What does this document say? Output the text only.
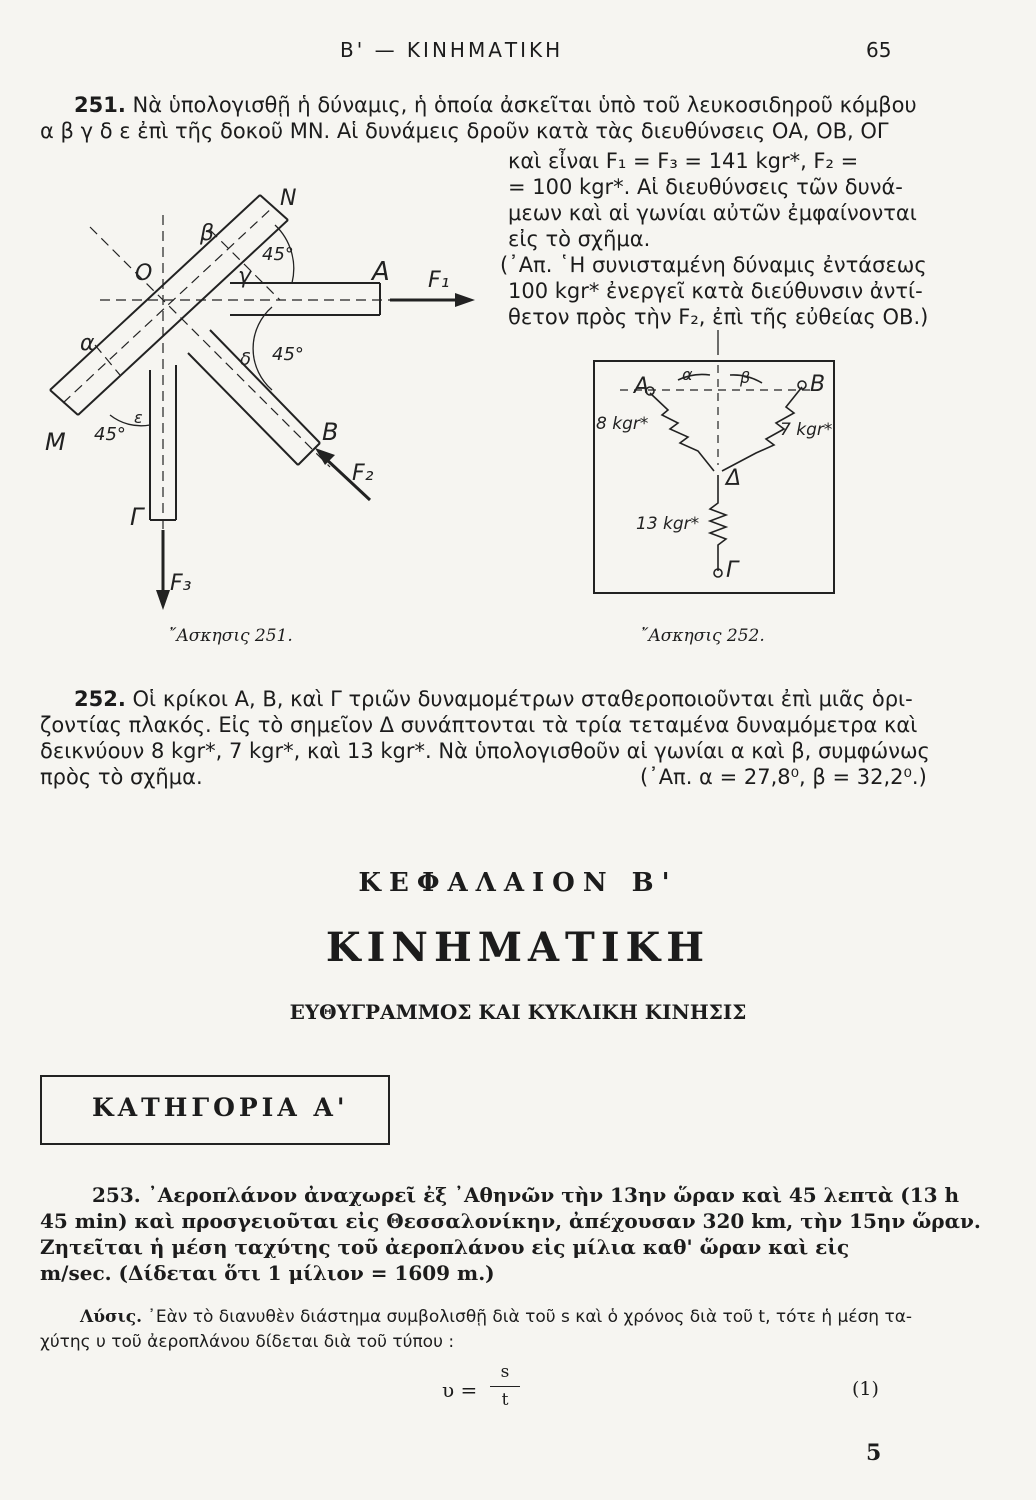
Β' — ΚΙΝΗΜΑΤΙΚΗ	65
251. Νὰ ὑπολογισθῇ ἡ δύναμις, ἡ ὁποία ἀσκεῖται ὑπὸ τοῦ λευκοσιδηροῦ κόμβου
α β γ δ ε ἐπὶ τῆς δοκοῦ ΜΝ. Αἱ δυνάμεις δροῦν κατὰ τὰς διευθύνσεις ΟΑ, ΟΒ, ΟΓ
καὶ εἶναι F₁ = F₃ = 141 kgr*, F₂ =
= 100 kgr*. Αἱ διευθύνσεις τῶν δυνά-
μεων καὶ αἱ γωνίαι αὐτῶν ἐμφαίνονται
εἰς τὸ σχῆμα.
(᾿Απ. ῾Η συνισταμένη δύναμις ἐντάσεως
100 kgr* ἐνεργεῖ κατὰ διεύθυνσιν ἀντί-
θετον πρὸς τὴν F₂, ἐπὶ τῆς εὐθείας ΟΒ.)
N
β
O
45°
γ	A F₁
α
δ 45°
M 45°
ε
B
F₂
Γ
F₃
῎Ασκησις 251.
A α	β	B
8 kgr*	7 kgr*
Δ
13 kgr*
Γ
῎Ασκησις 252.
252. Οἱ κρίκοι Α, Β, καὶ Γ τριῶν δυναμομέτρων σταθεροποιοῦνται ἐπὶ μιᾶς ὁρι-
ζοντίας πλακός. Εἰς τὸ σημεῖον Δ συνάπτονται τὰ τρία τεταμένα δυναμόμετρα καὶ
δεικνύουν 8 kgr*, 7 kgr*, καὶ 13 kgr*. Νὰ ὑπολογισθοῦν αἱ γωνίαι α καὶ β, συμφώνως
πρὸς τὸ σχῆμα.	(᾿Απ. α = 27,8⁰, β = 32,2⁰.)
ΚΕΦΑΛΑΙΟΝ Β'
ΚΙΝΗΜΑΤΙΚΗ
ΕΥΘΥΓΡΑΜΜΟΣ ΚΑΙ ΚΥΚΛΙΚΗ ΚΙΝΗΣΙΣ
ΚΑΤΗΓΟΡΙΑ Α'
253. ᾿Αεροπλάνον ἀναχωρεῖ ἐξ ᾿Αθηνῶν τὴν 13ην ὥραν καὶ 45 λεπτὰ (13 h
45 min) καὶ προσγειοῦται εἰς Θεσσαλονίκην, ἀπέχουσαν 320 km, τὴν 15ην ὥραν.
Ζητεῖται ἡ μέση ταχύτης τοῦ ἀεροπλάνου εἰς μίλια καθ' ὥραν καὶ εἰς
m/sec. (Δίδεται ὅτι 1 μίλιον = 1609 m.)
Λύσις. ᾿Εὰν τὸ διανυθὲν διάστημα συμβολισθῇ διὰ τοῦ s καὶ ὁ χρόνος διὰ τοῦ t, τότε ἡ μέση τα-
χύτης υ τοῦ ἀεροπλάνου δίδεται διὰ τοῦ τύπου :
υ =
s
t	(1)
5
